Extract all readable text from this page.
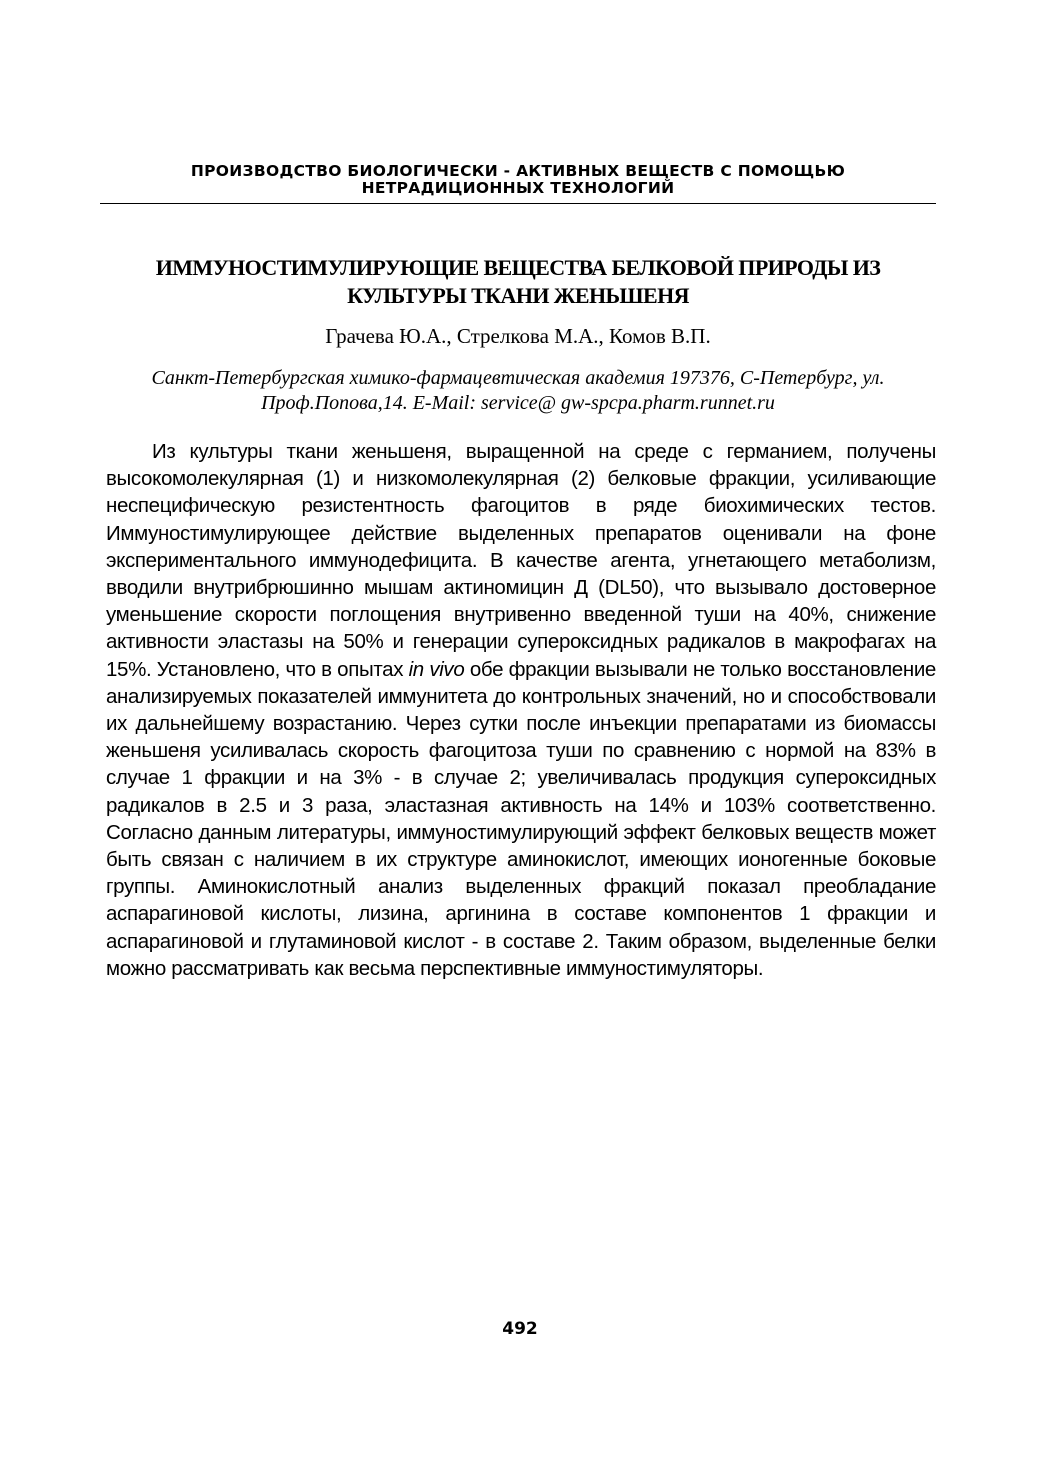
ПРОИЗВОДСТВО БИОЛОГИЧЕСКИ - АКТИВНЫХ ВЕЩЕСТВ С ПОМОЩЬЮ НЕТРАДИЦИОННЫХ ТЕХНОЛОГИЙ
ИММУНОСТИМУЛИРУЮЩИЕ ВЕЩЕСТВА БЕЛКОВОЙ ПРИРОДЫ ИЗ КУЛЬТУРЫ ТКАНИ ЖЕНЬШЕНЯ
Грачева Ю.А., Стрелкова М.А., Комов В.П.
Санкт-Петербургская химико-фармацевтическая академия 197376, С-Петербург, ул. Проф.Попова,14. E-Mail: service@ gw-spcpa.pharm.runnet.ru

Из культуры ткани женьшеня, выращенной на среде с германием, получены высокомолекулярная (1) и низкомолекулярная (2) белковые фракции, усиливающие неспецифическую резистентность фагоцитов в ряде биохимических тестов. Иммуностимулирующее действие выделенных препаратов оценивали на фоне экспериментального иммунодефицита. В качестве агента, угнетающего метаболизм, вводили внутрибрюшинно мышам актиномицин Д (DL50), что вызывало достоверное уменьшение скорости поглощения внутривенно введенной туши на 40%, снижение активности эластазы на 50% и генерации супероксидных радикалов в макрофагах на 15%. Установлено, что в опытах in vivo обе фракции вызывали не только восстановление анализируемых показателей иммунитета до контрольных значений, но и способствовали их дальнейшему возрастанию. Через сутки после инъекции препаратами из биомассы женьшеня усиливалась скорость фагоцитоза туши по сравнению с нормой на 83% в случае 1 фракции и на 3% - в случае 2; увеличивалась продукция супероксидных радикалов в 2.5 и 3 раза, эластазная активность на 14% и 103% соответственно. Согласно данным литературы, иммуностимулирующий эффект белковых веществ может быть связан с наличием в их структуре аминокислот, имеющих ионогенные боковые группы. Аминокислотный анализ выделенных фракций показал преобладание аспарагиновой кислоты, лизина, аргинина в составе компонентов 1 фракции и аспарагиновой и глутаминовой кислот - в составе 2. Таким образом, выделенные белки можно рассматривать как весьма перспективные иммуностимуляторы.

492
